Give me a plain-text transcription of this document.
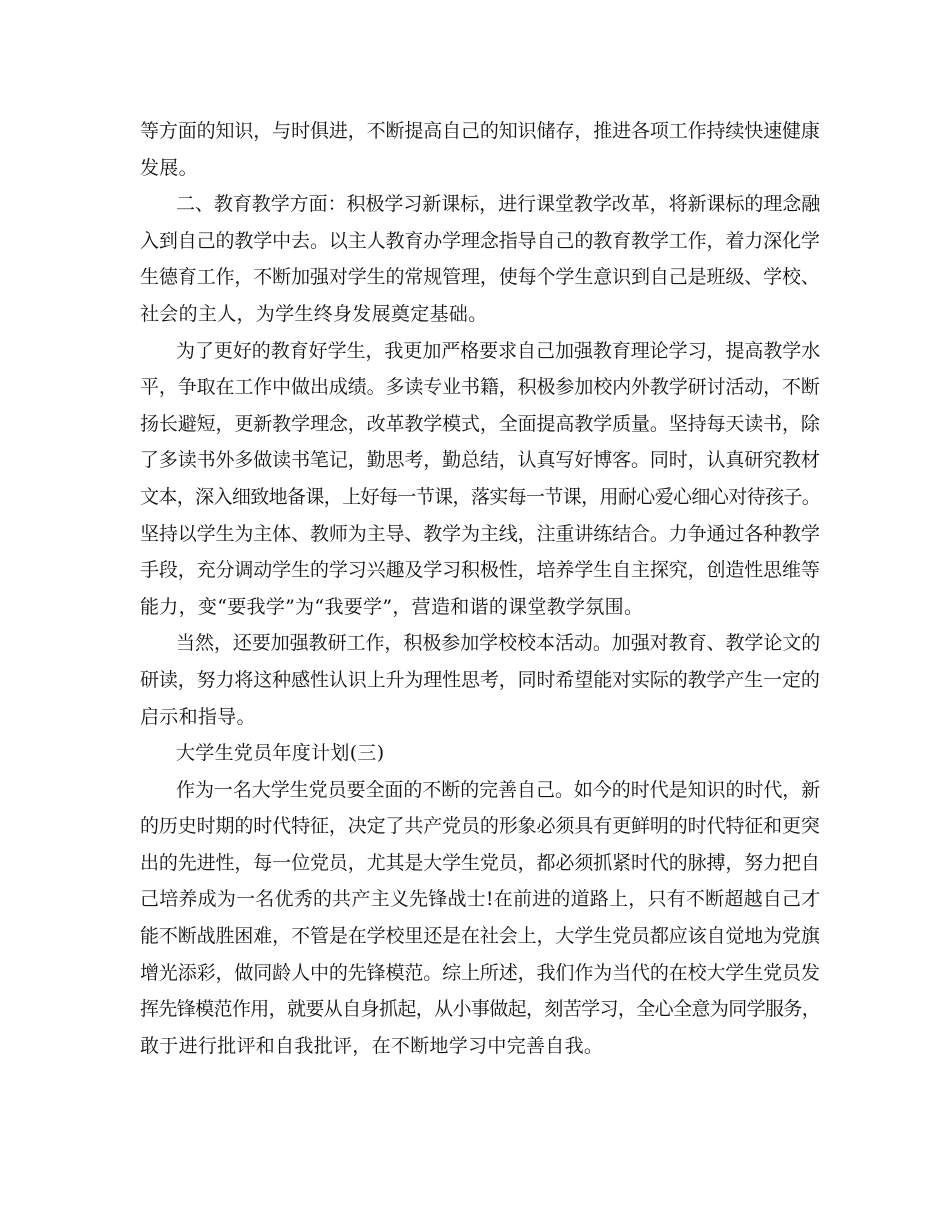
等方面的知识，与时俱进，不断提高自己的知识储存，推进各项工作持续快速健康
发展。
二、教育教学方面：积极学习新课标，进行课堂教学改革，将新课标的理念融
入到自己的教学中去。以主人教育办学理念指导自己的教育教学工作，着力深化学
生德育工作，不断加强对学生的常规管理，使每个学生意识到自己是班级、学校、
社会的主人，为学生终身发展奠定基础。
为了更好的教育好学生，我更加严格要求自己加强教育理论学习，提高教学水
平，争取在工作中做出成绩。多读专业书籍，积极参加校内外教学研讨活动，不断
扬长避短，更新教学理念，改革教学模式，全面提高教学质量。坚持每天读书，除
了多读书外多做读书笔记，勤思考，勤总结，认真写好博客。同时，认真研究教材
文本，深入细致地备课，上好每一节课，落实每一节课，用耐心爱心细心对待孩子。
坚持以学生为主体、教师为主导、教学为主线，注重讲练结合。力争通过各种教学
手段，充分调动学生的学习兴趣及学习积极性，培养学生自主探究，创造性思维等
能力，变“要我学”为“我要学”，营造和谐的课堂教学氛围。
当然，还要加强教研工作，积极参加学校校本活动。加强对教育、教学论文的
研读，努力将这种感性认识上升为理性思考，同时希望能对实际的教学产生一定的
启示和指导。
大学生党员年度计划(三)
作为一名大学生党员要全面的不断的完善自己。如今的时代是知识的时代，新
的历史时期的时代特征，决定了共产党员的形象必须具有更鲜明的时代特征和更突
出的先进性，每一位党员，尤其是大学生党员，都必须抓紧时代的脉搏，努力把自
己培养成为一名优秀的共产主义先锋战士!在前进的道路上，只有不断超越自己才
能不断战胜困难，不管是在学校里还是在社会上，大学生党员都应该自觉地为党旗
增光添彩，做同龄人中的先锋模范。综上所述，我们作为当代的在校大学生党员发
挥先锋模范作用，就要从自身抓起，从小事做起，刻苦学习，全心全意为同学服务，
敢于进行批评和自我批评，在不断地学习中完善自我。
